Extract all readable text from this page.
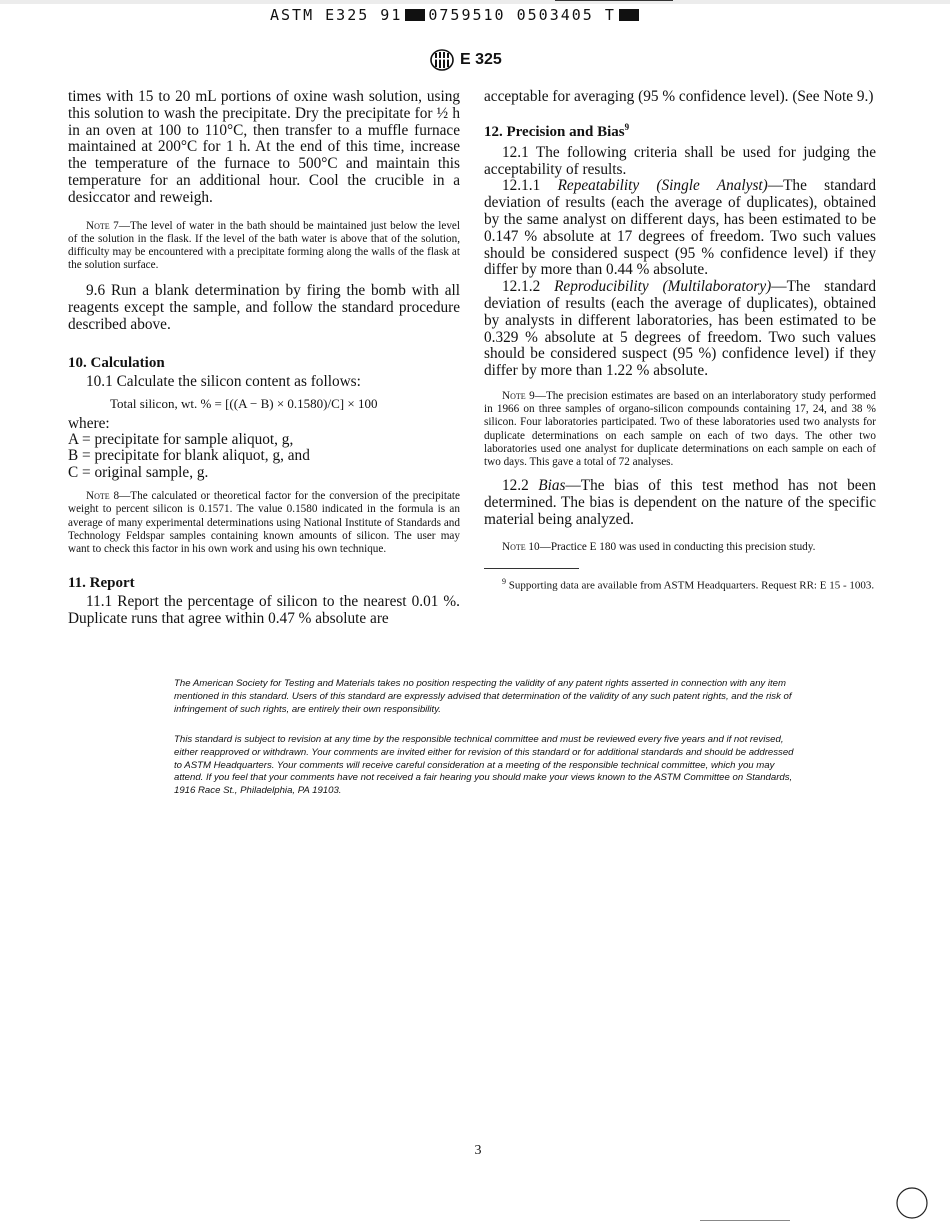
ASTM E325 91 0759510 0503405 T
E 325

times with 15 to 20 mL portions of oxine wash solution, using this solution to wash the precipitate. Dry the precipitate for ½ h in an oven at 100 to 110°C, then transfer to a muffle furnace maintained at 200°C for 1 h. At the end of this time, increase the temperature of the furnace to 500°C and maintain this temperature for an additional hour. Cool the crucible in a desiccator and reweigh.

Note 7—The level of water in the bath should be maintained just below the level of the solution in the flask. If the level of the bath water is above that of the solution, difficulty may be encountered with a precipitate forming along the walls of the flask at the solution surface.

9.6 Run a blank determination by firing the bomb with all reagents except the sample, and follow the standard procedure described above.

10. Calculation

10.1 Calculate the silicon content as follows:

Total silicon, wt. % = [((A − B) × 0.1580)/C] × 100

where:

A = precipitate for sample aliquot, g,

B = precipitate for blank aliquot, g, and

C = original sample, g.

Note 8—The calculated or theoretical factor for the conversion of the precipitate weight to percent silicon is 0.1571. The value 0.1580 indicated in the formula is an average of many experimental determinations using National Institute of Standards and Technology Feldspar samples containing known amounts of silicon. The user may want to check this factor in his own work and using his own technique.
11. Report

11.1 Report the percentage of silicon to the nearest 0.01 %. Duplicate runs that agree within 0.47 % absolute are

acceptable for averaging (95 % confidence level). (See Note 9.)

12. Precision and Bias$^9$

12.1 The following criteria shall be used for judging the acceptability of results.

12.1.1 Repeatability (Single Analyst)—The standard deviation of results (each the average of duplicates), obtained by the same analyst on different days, has been estimated to be 0.147 % absolute at 17 degrees of freedom. Two such values should be considered suspect (95 % confidence level) if they differ by more than 0.44 % absolute.

12.1.2 Reproducibility (Multilaboratory)—The standard deviation of results (each the average of duplicates), obtained by analysts in different laboratories, has been estimated to be 0.329 % absolute at 5 degrees of freedom. Two such values should be considered suspect (95 %) confidence level) if they differ by more than 1.22 % absolute.

Note 9—The precision estimates are based on an interlaboratory study performed in 1966 on three samples of organo-silicon compounds containing 17, 24, and 38 % silicon. Four laboratories participated. Two of these laboratories used two analysts for duplicate determinations on each sample on each of two days. The other two laboratories used one analyst for duplicate determinations on each sample on each of two days. This gave a total of 72 analyses.

12.2 Bias—The bias of this test method has not been determined. The bias is dependent on the nature of the specific material being analyzed.

Note 10—Practice E 180 was used in conducting this precision study.
$^9$ Supporting data are available from ASTM Headquarters. Request RR: E 15 - 1003.
The American Society for Testing and Materials takes no position respecting the validity of any patent rights asserted in connection with any item mentioned in this standard. Users of this standard are expressly advised that determination of the validity of any such patent rights, and the risk of infringement of such rights, are entirely their own responsibility.
This standard is subject to revision at any time by the responsible technical committee and must be reviewed every five years and if not revised, either reapproved or withdrawn. Your comments are invited either for revision of this standard or for additional standards and should be addressed to ASTM Headquarters. Your comments will receive careful consideration at a meeting of the responsible technical committee, which you may attend. If you feel that your comments have not received a fair hearing you should make your views known to the ASTM Committee on Standards, 1916 Race St., Philadelphia, PA 19103.
3
